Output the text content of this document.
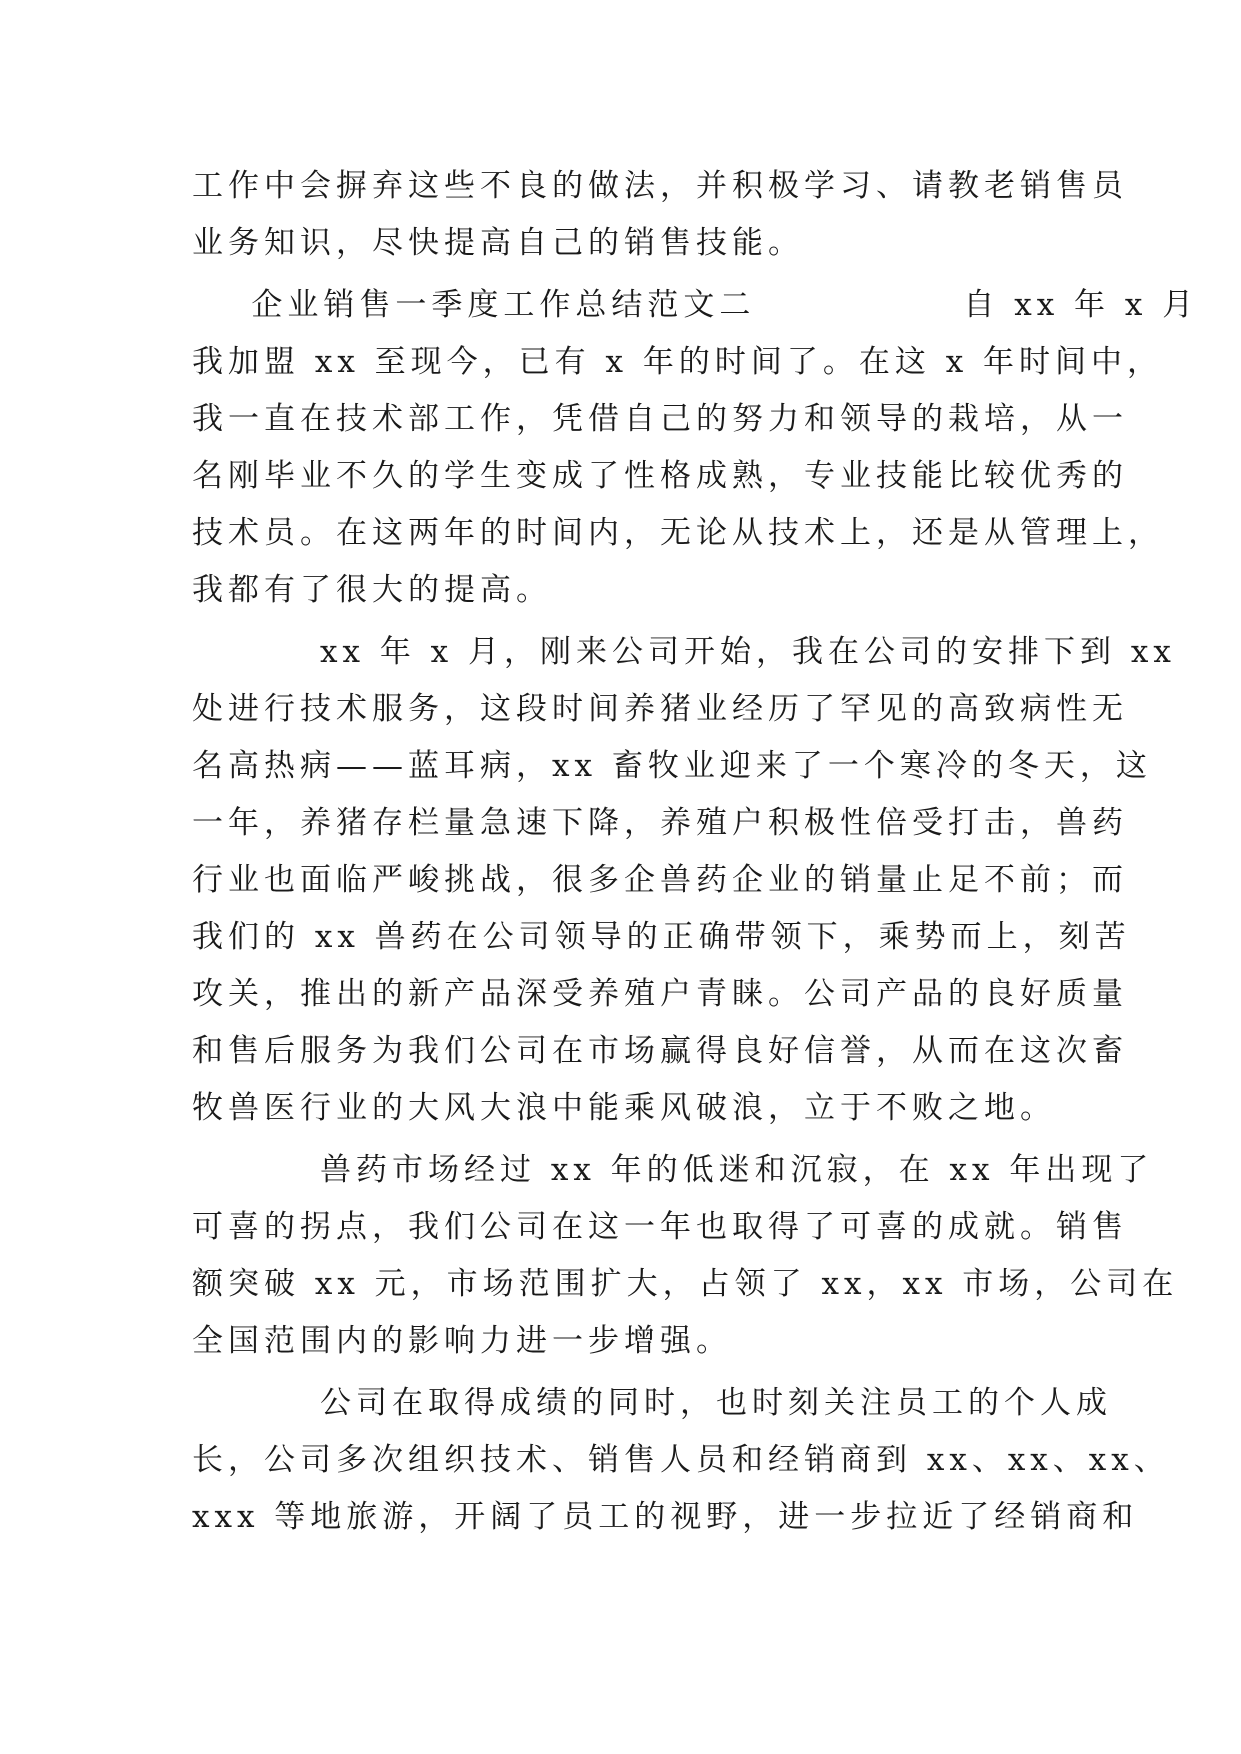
工作中会摒弃这些不良的做法，并积极学习、请教老销售员
业务知识，尽快提高自己的销售技能。
企业销售一季度工作总结范文二              自 xx 年 x 月
我加盟 xx 至现今，已有 x 年的时间了。在这 x 年时间中，
我一直在技术部工作，凭借自己的努力和领导的栽培，从一
名刚毕业不久的学生变成了性格成熟，专业技能比较优秀的
技术员。在这两年的时间内，无论从技术上，还是从管理上，
我都有了很大的提高。
xx 年 x 月，刚来公司开始，我在公司的安排下到 xx
处进行技术服务，这段时间养猪业经历了罕见的高致病性无
名高热病——蓝耳病，xx 畜牧业迎来了一个寒冷的冬天，这
一年，养猪存栏量急速下降，养殖户积极性倍受打击，兽药
行业也面临严峻挑战，很多企兽药企业的销量止足不前；而
我们的 xx 兽药在公司领导的正确带领下，乘势而上，刻苦
攻关，推出的新产品深受养殖户青睐。公司产品的良好质量
和售后服务为我们公司在市场赢得良好信誉，从而在这次畜
牧兽医行业的大风大浪中能乘风破浪，立于不败之地。
兽药市场经过 xx 年的低迷和沉寂，在 xx 年出现了
可喜的拐点，我们公司在这一年也取得了可喜的成就。销售
额突破 xx 元，市场范围扩大，占领了 xx，xx 市场，公司在
全国范围内的影响力进一步增强。
公司在取得成绩的同时，也时刻关注员工的个人成
长，公司多次组织技术、销售人员和经销商到 xx、xx、xx、
xxx 等地旅游，开阔了员工的视野，进一步拉近了经销商和
